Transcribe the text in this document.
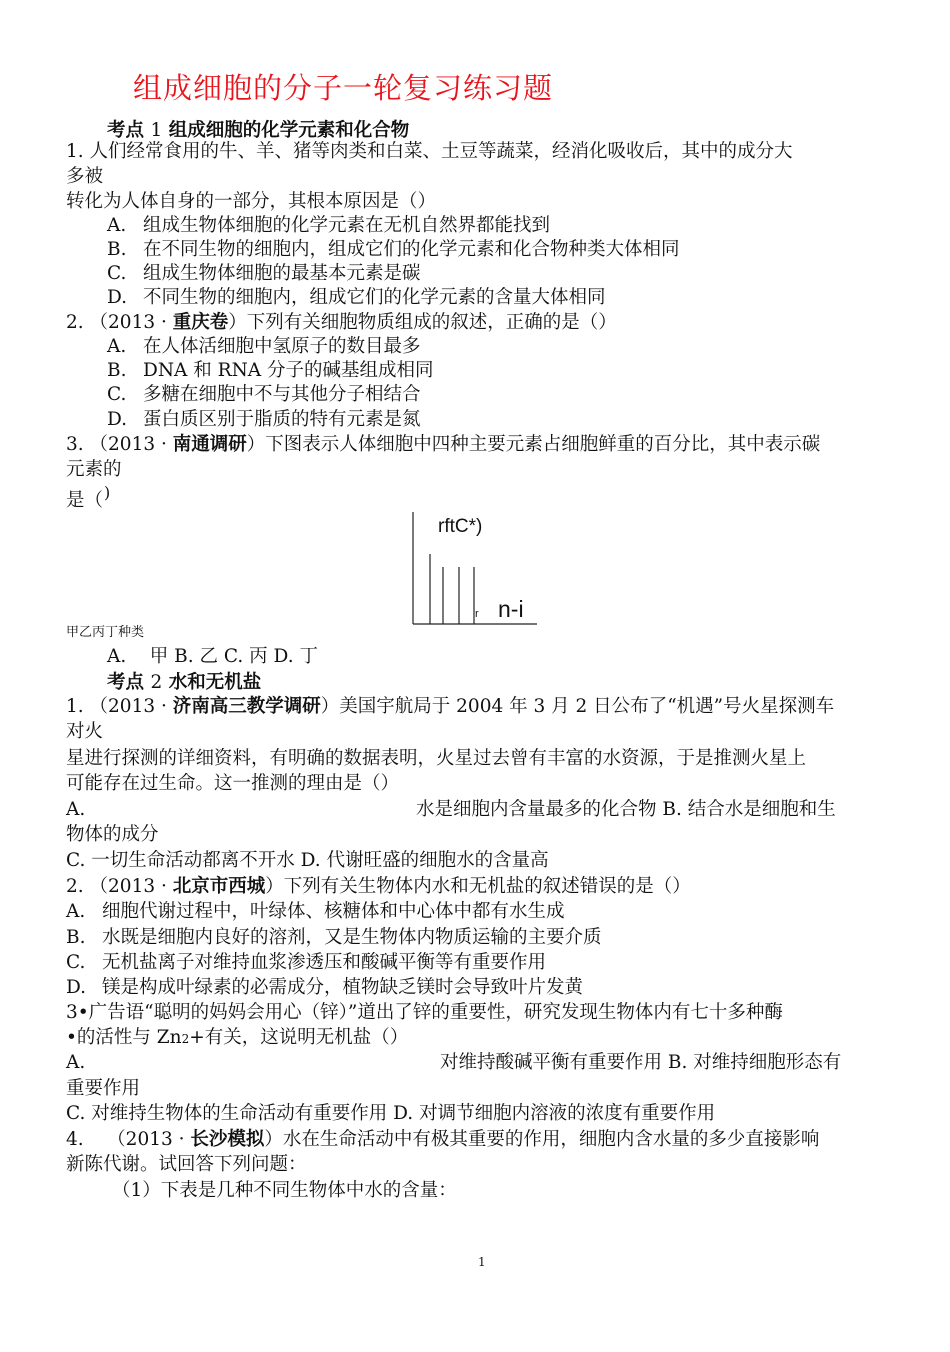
组成细胞的分子一轮复习练习题
考点 1 组成细胞的化学元素和化合物
1. 人们经常食用的牛、羊、猪等肉类和白菜、土豆等蔬菜，经消化吸收后，其中的成分大
多被
转化为人体自身的一部分，其根本原因是（）
A. 组成生物体细胞的化学元素在无机自然界都能找到
B. 在不同生物的细胞内，组成它们的化学元素和化合物种类大体相同
C. 组成生物体细胞的最基本元素是碳
D. 不同生物的细胞内，组成它们的化学元素的含量大体相同
2. （2013 · 重庆卷）下列有关细胞物质组成的叙述，正确的是（）
A. 在人体活细胞中氢原子的数目最多
B. DNA 和 RNA 分子的碱基组成相同
C. 多糖在细胞中不与其他分子相结合
D. 蛋白质区别于脂质的特有元素是氮
3. （2013 · 南通调研）下图表示人体细胞中四种主要元素占细胞鲜重的百分比，其中表示碳
元素的
是（ )
rftC*)
n-i
r
甲乙丙丁种类
A.    甲 B. 乙 C. 丙 D. 丁
考点 2 水和无机盐
1. （2013 · 济南高三教学调研）美国宇航局于 2004 年 3 月 2 日公布了“机遇”号火星探测车
对火
星进行探测的详细资料，有明确的数据表明，火星过去曾有丰富的水资源，于是推测火星上
可能存在过生命。这一推测的理由是（）
A.	水是细胞内含量最多的化合物 B. 结合水是细胞和生
物体的成分
C. 一切生命活动都离不开水 D. 代谢旺盛的细胞水的含量高
2. （2013 · 北京市西城）下列有关生物体内水和无机盐的叙述错误的是（）
A. 细胞代谢过程中，叶绿体、核糖体和中心体中都有水生成
B. 水既是细胞内良好的溶剂，又是生物体内物质运输的主要介质
C. 无机盐离子对维持血浆渗透压和酸碱平衡等有重要作用
D. 镁是构成叶绿素的必需成分，植物缺乏镁时会导致叶片发黄
3•广告语“聪明的妈妈会用心（锌）”道出了锌的重要性，研究发现生物体内有七十多种酶
•的活性与 Zn2+有关，这说明无机盐（）
A.	对维持酸碱平衡有重要作用 B. 对维持细胞形态有
重要作用
C. 对维持生物体的生命活动有重要作用 D. 对调节细胞内溶液的浓度有重要作用
4.    （2013 · 长沙模拟）水在生命活动中有极其重要的作用，细胞内含水量的多少直接影响
新陈代谢。试回答下列问题：
（1）下表是几种不同生物体中水的含量：
1
